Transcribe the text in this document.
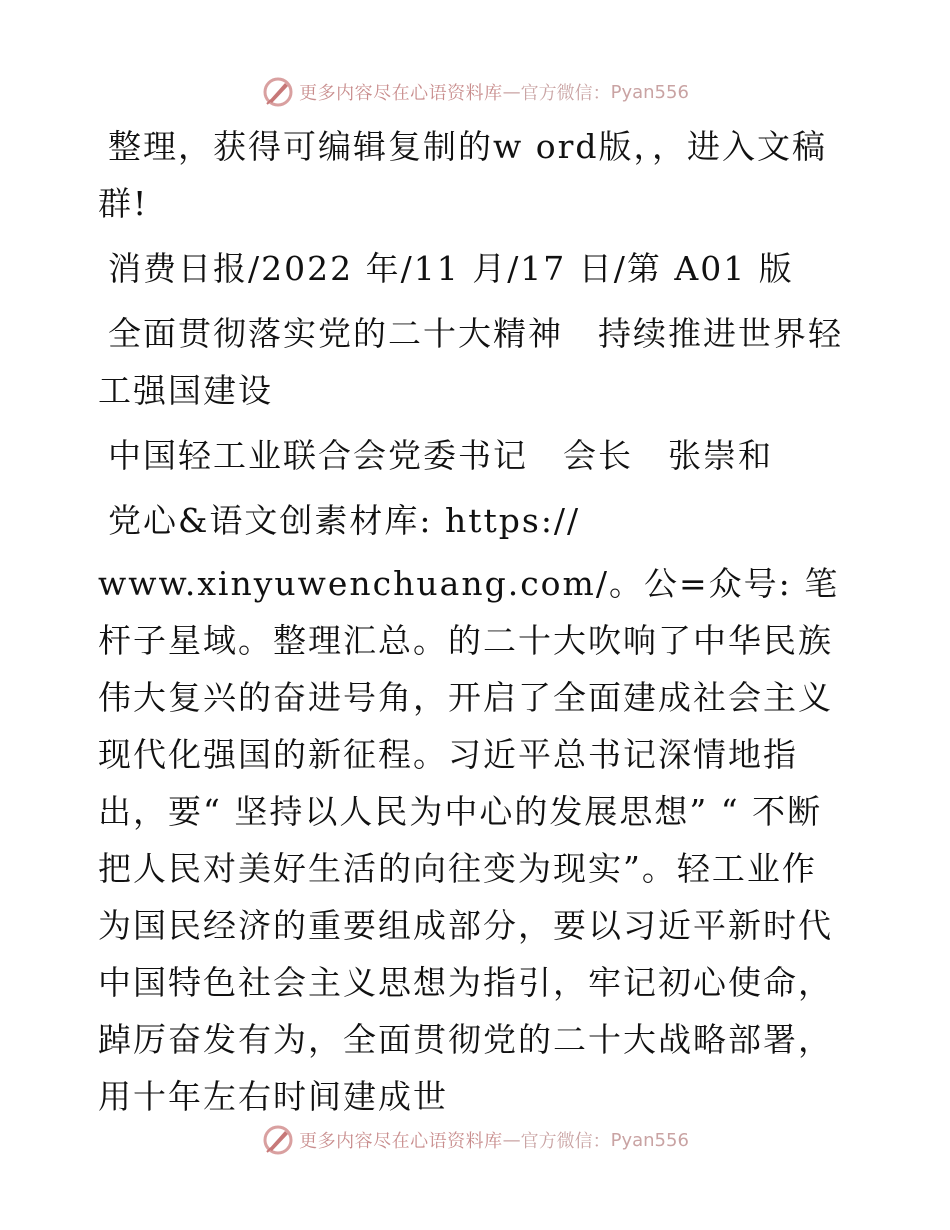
更多内容尽在心语资料库 — 官方微信： Pyan556

整理，获得可编辑复制的w ord版，，进入文稿群!

消费日报/2022 年/11 月/17 日/第 A01 版

全面贯彻落实党的二十大精神　持续推进世界轻工强国建设

中国轻工业联合会党委书记　会长　张崇和

党心&语文创素材库: https://

www.xinyuwenchuang.com/。公=众号: 笔杆子星域。整理汇总。的二十大吹响了中华民族伟大复兴的奋进号角，开启了全面建成社会主义现代化强国的新征程。习近平总书记深情地指出，要“ 坚持以人民为中心的发展思想” “ 不断把人民对美好生活的向往变为现实”。轻工业作为国民经济的重要组成部分，要以习近平新时代中国特色社会主义思想为指引，牢记初心使命，踔厉奋发有为，全面贯彻党的二十大战略部署，用十年左右时间建成世

更多内容尽在心语资料库 — 官方微信： Pyan556
